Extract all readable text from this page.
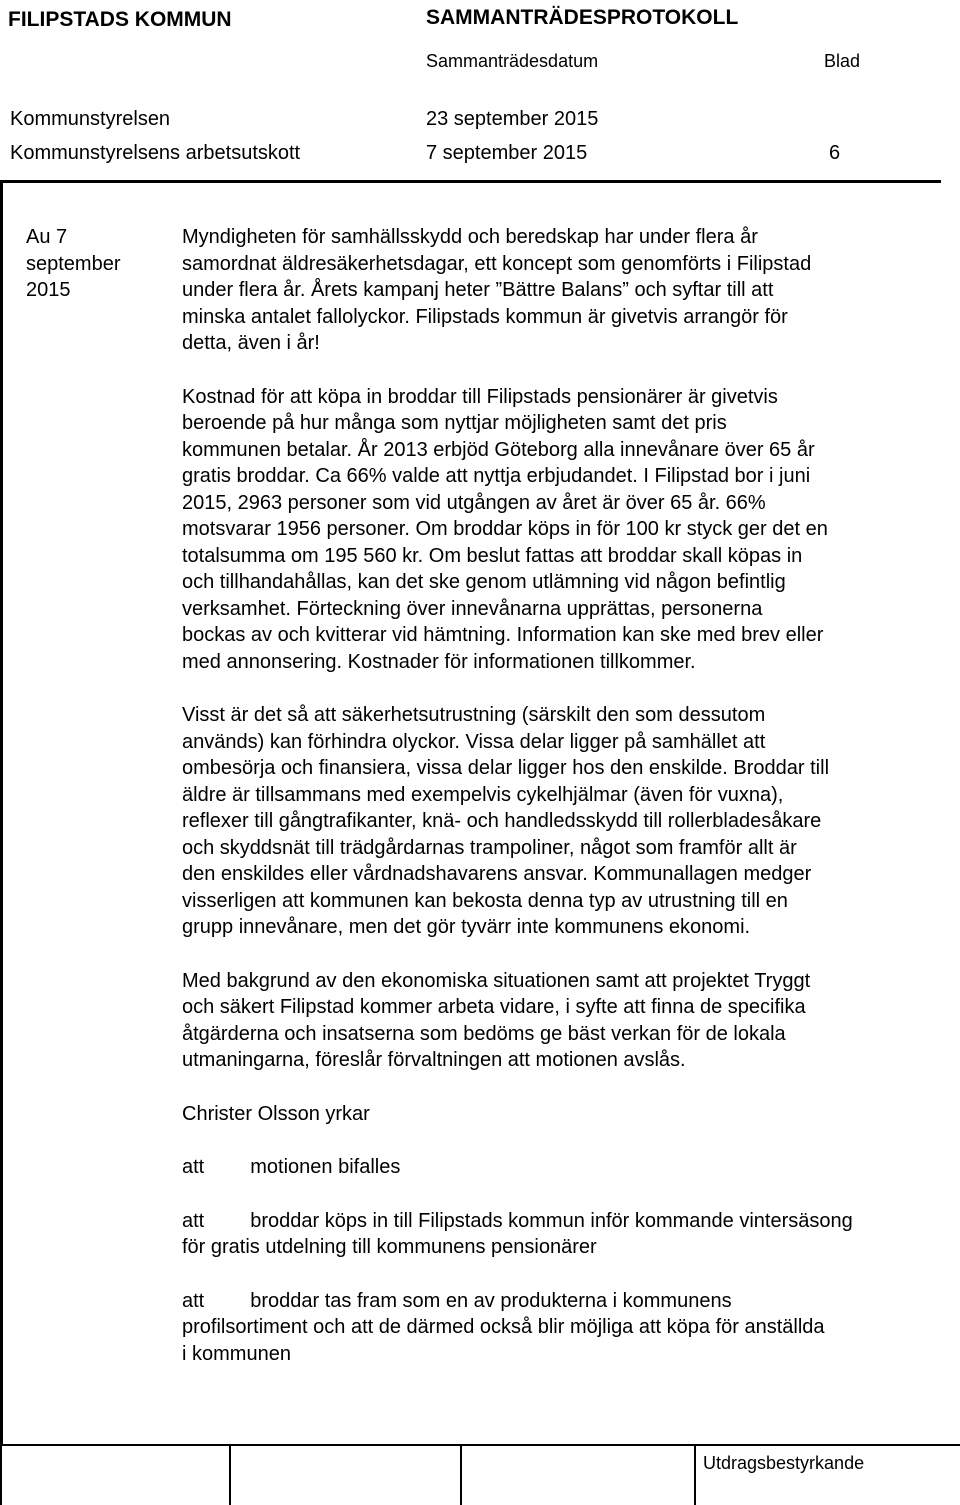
FILIPSTADS KOMMUN	SAMMANTRÄDESPROTOKOLL
Sammanträdesdatum	Blad
Kommunstyrelsen	23 september 2015
Kommunstyrelsens arbetsutskott	7 september 2015	6
Au 7
september
2015
Myndigheten för samhällsskydd och beredskap har under flera år
samordnat äldresäkerhetsdagar, ett koncept som genomförts i Filipstad
under flera år. Årets kampanj heter ”Bättre Balans” och syftar till att
minska antalet fallolyckor. Filipstads kommun är givetvis arrangör för
detta, även i år!
Kostnad för att köpa in broddar till Filipstads pensionärer är givetvis
beroende på hur många som nyttjar möjligheten samt det pris
kommunen betalar. År 2013 erbjöd Göteborg alla innevånare över 65 år
gratis broddar. Ca 66% valde att nyttja erbjudandet. I Filipstad bor i juni
2015, 2963 personer som vid utgången av året är över 65 år. 66%
motsvarar 1956 personer. Om broddar köps in för 100 kr styck ger det en
totalsumma om 195 560 kr. Om beslut fattas att broddar skall köpas in
och tillhandahållas, kan det ske genom utlämning vid någon befintlig
verksamhet. Förteckning över innevånarna upprättas, personerna
bockas av och kvitterar vid hämtning. Information kan ske med brev eller
med annonsering. Kostnader för informationen tillkommer.
Visst är det så att säkerhetsutrustning (särskilt den som dessutom
används) kan förhindra olyckor. Vissa delar ligger på samhället att
ombesörja och finansiera, vissa delar ligger hos den enskilde. Broddar till
äldre är tillsammans med exempelvis cykelhjälmar (även för vuxna),
reflexer till gångtrafikanter, knä- och handledsskydd till rollerbladesåkare
och skyddsnät till trädgårdarnas trampoliner, något som framför allt är
den enskildes eller vårdnadshavarens ansvar. Kommunallagen medger
visserligen att kommunen kan bekosta denna typ av utrustning till en
grupp innevånare, men det gör tyvärr inte kommunens ekonomi.
Med bakgrund av den ekonomiska situationen samt att projektet Tryggt
och säkert Filipstad kommer arbeta vidare, i syfte att finna de specifika
åtgärderna och insatserna som bedöms ge bäst verkan för de lokala
utmaningarna, föreslår förvaltningen att motionen avslås.
Christer Olsson yrkar
att motionen bifalles
att broddar köps in till Filipstads kommun inför kommande vintersäsong
för gratis utdelning till kommunens pensionärer
att broddar tas fram som en av produkterna i kommunens
profilsortiment och att de därmed också blir möjliga att köpa för anställda
i kommunen
Utdragsbestyrkande
